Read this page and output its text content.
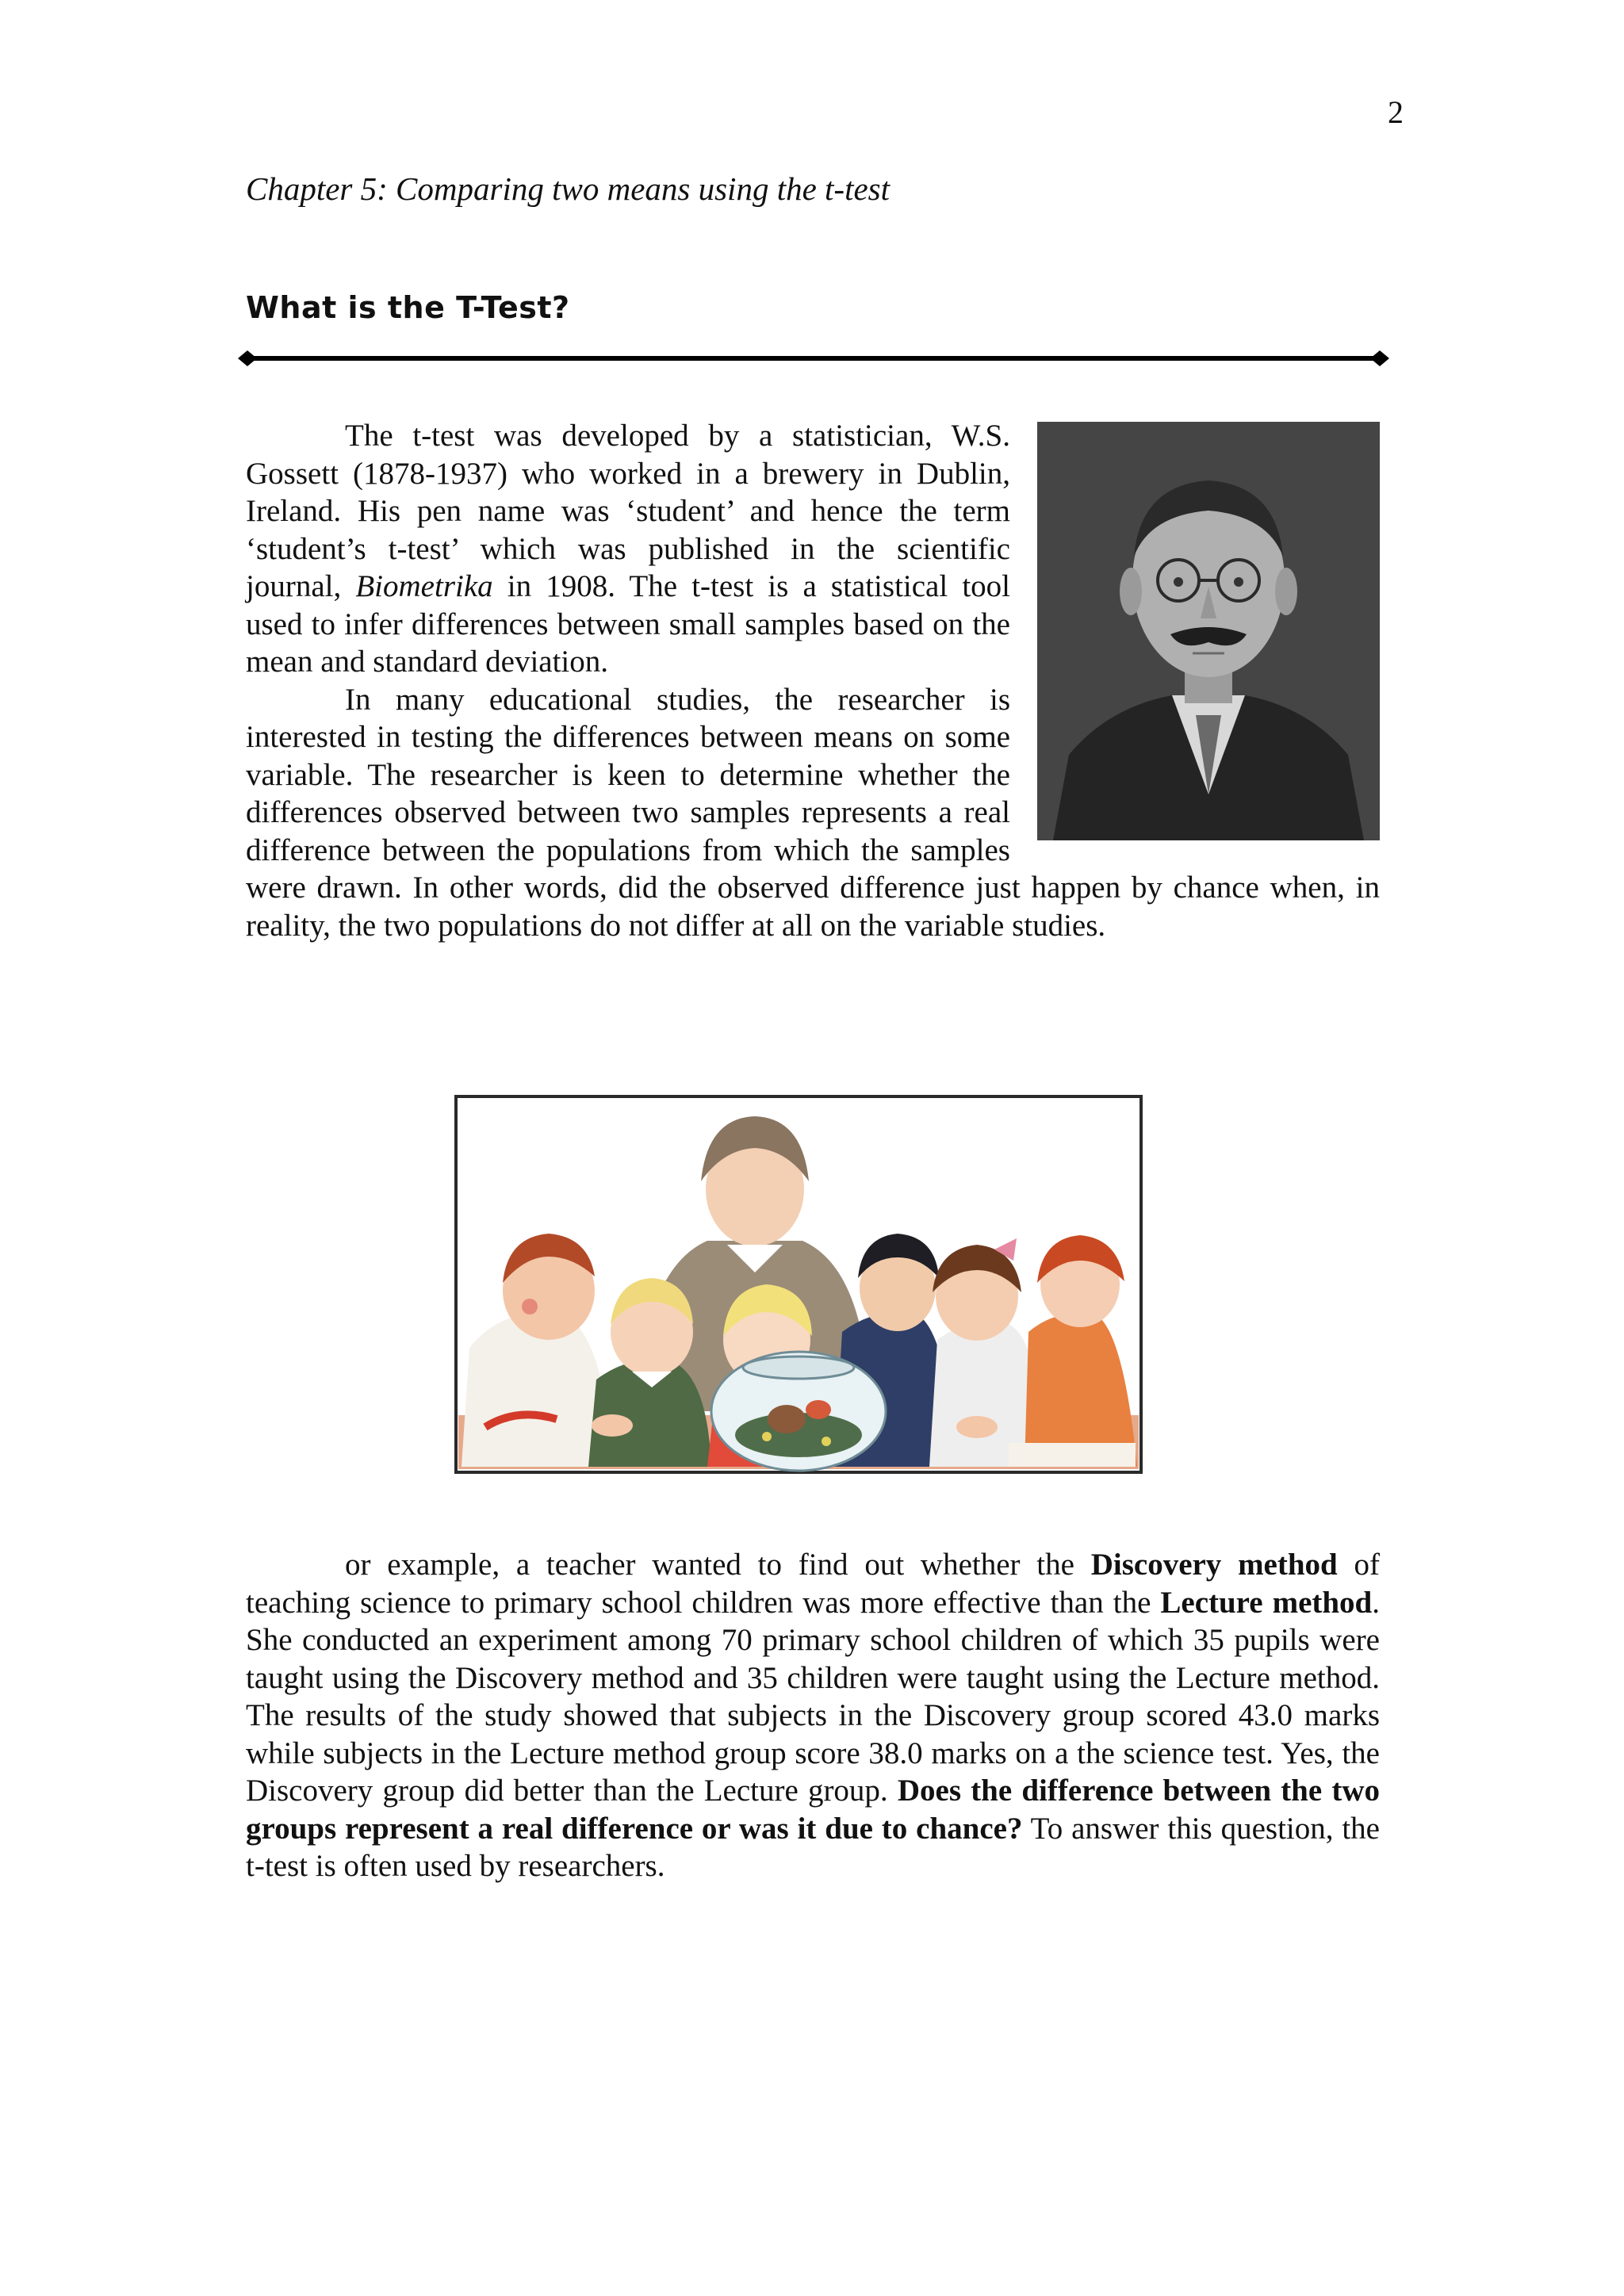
2
Chapter 5: Comparing two means using the t-test
What is the T-Test?

The t-test was developed by a statistician, W.S. Gossett (1878-1937) who worked in a brewery in Dublin, Ireland. His pen name was ‘student’ and hence the term ‘student’s t-test’ which was published in the scientific journal, Biometrika in 1908. The t-test is a statistical tool used to infer differences between small samples based on the mean and standard deviation.

In many educational studies, the researcher is interested in testing the differences between means on some variable. The researcher is keen to determine whether the differences observed between two samples represents a real difference between the populations from which the samples were drawn. In other words, did the observed difference just happen by chance when, in reality, the two populations do not differ at all on the variable studies.

or example, a teacher wanted to find out whether the Discovery method of teaching science to primary school children was more effective than the Lecture method. She conducted an experiment among 70 primary school children of which 35 pupils were taught using the Discovery method and 35 children were taught using the Lecture method. The results of the study showed that subjects in the Discovery group scored 43.0 marks while subjects in the Lecture method group score 38.0 marks on a the science test. Yes, the Discovery group did better than the Lecture group. Does the difference between the two groups represent a real difference or was it due to chance? To answer this question, the t-test is often used by researchers.
